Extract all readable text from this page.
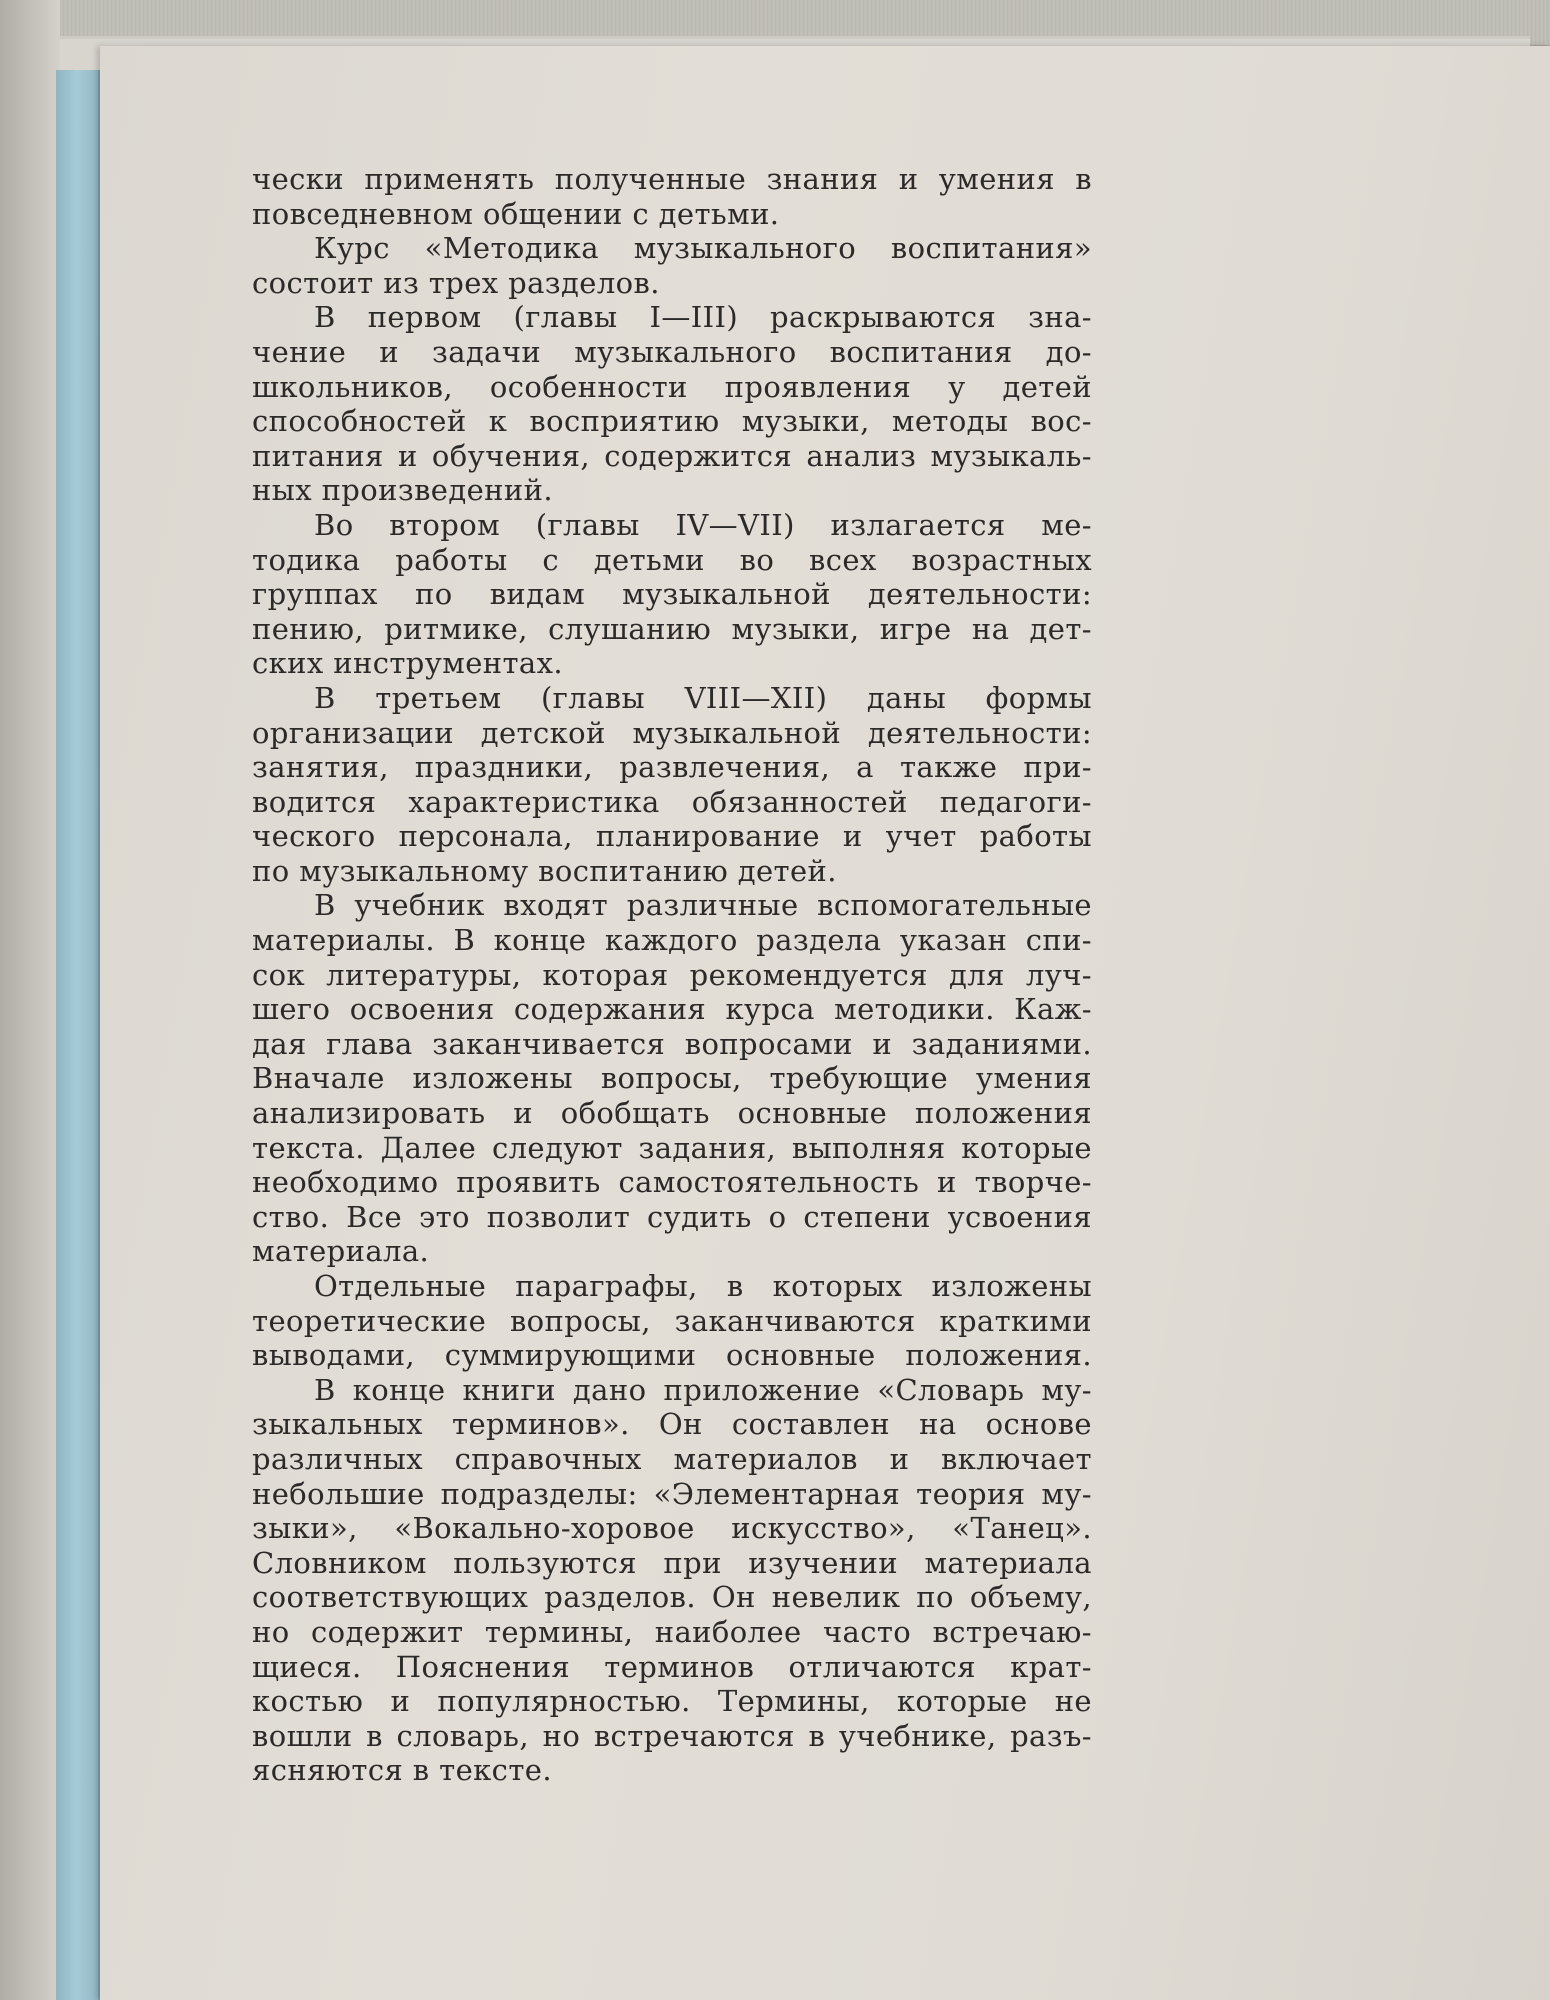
чески применять полученные знания и умения в
повседневном общении с детьми.
Курс «Методика музыкального воспитания»
состоит из трех разделов.
В первом (главы I—III) раскрываются зна-
чение и задачи музыкального воспитания до-
школьников, особенности проявления у детей
способностей к восприятию музыки, методы вос-
питания и обучения, содержится анализ музыкаль-
ных произведений.
Во втором (главы IV—VII) излагается ме-
тодика работы с детьми во всех возрастных
группах по видам музыкальной деятельности:
пению, ритмике, слушанию музыки, игре на дет-
ских инструментах.
В третьем (главы VIII—XII) даны формы
организации детской музыкальной деятельности:
занятия, праздники, развлечения, а также при-
водится характеристика обязанностей педагоги-
ческого персонала, планирование и учет работы
по музыкальному воспитанию детей.
В учебник входят различные вспомогательные
материалы. В конце каждого раздела указан спи-
сок литературы, которая рекомендуется для луч-
шего освоения содержания курса методики. Каж-
дая глава заканчивается вопросами и заданиями.
Вначале изложены вопросы, требующие умения
анализировать и обобщать основные положения
текста. Далее следуют задания, выполняя которые
необходимо проявить самостоятельность и творче-
ство. Все это позволит судить о степени усвоения
материала.
Отдельные параграфы, в которых изложены
теоретические вопросы, заканчиваются краткими
выводами, суммирующими основные положения.
В конце книги дано приложение «Словарь му-
зыкальных терминов». Он составлен на основе
различных справочных материалов и включает
небольшие подразделы: «Элементарная теория му-
зыки», «Вокально-хоровое искусство», «Танец».
Словником пользуются при изучении материала
соответствующих разделов. Он невелик по объему,
но содержит термины, наиболее часто встречаю-
щиеся. Пояснения терминов отличаются крат-
костью и популярностью. Термины, которые не
вошли в словарь, но встречаются в учебнике, разъ-
ясняются в тексте.
